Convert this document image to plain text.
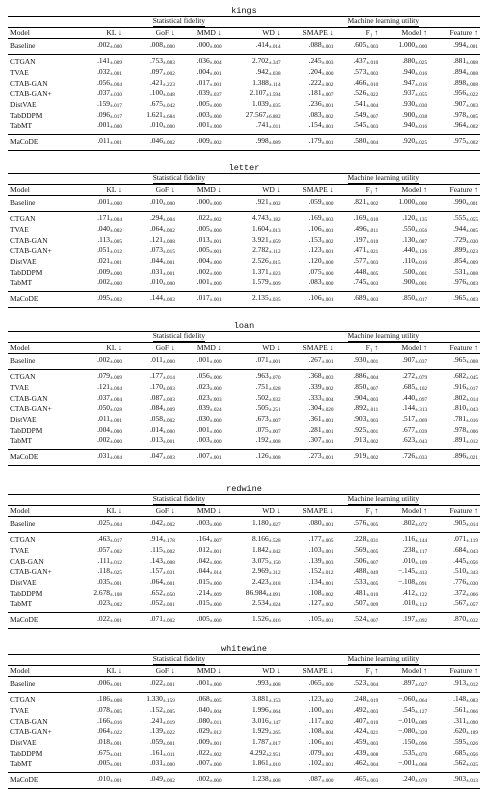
kings
	Statistical fidelity					Machine learning utility			
Model	KL ↓	GoF ↓	MMD ↓	WD ↓		SMAPE ↓	F₁ ↑	Model ↑	Feature ↑
Baseline	.002±.000	.008±.000	.000±.000	.414±.014		.088±.001	.605±.003	1.000±.000	.994±.001
CTGAN	.141±.009	.753±.083	.036±.004	2.702±.347		.245±.003	.437±.010	.880±.025	.881±.008
TVAE	.032±.001	.097±.002	.004±.001	.942±.038		.204±.000	.573±.003	.940±.016	.894±.008
CTAB-GAN	.056±.004	.421±.223	.017±.001	1.388±.114		.222±.002	.466±.010	.947±.016	.898±.008
CTAB-GAN+	.037±.030	.100±.048	.039±.037	2.107±1.594		.181±.007	.526±.022	.937±.055	.956±.022
DistVAE	.159±.017	.675±.042	.005±.000	1.039±.035		.236±.001	.541±.004	.930±.030	.907±.003
TabDDPM	.096±.017	1.621±.684	.003±.000	27.567±6.882		.083±.002	.549±.007	.900±.038	.978±.005
TabMT	.001±.000	.010±.000	.001±.000	.741±.011		.154±.001	.545±.003	.940±.016	.964±.002
MaCoDE	.011±.001	.046±.002	.009±.002	.998±.089		.179±.001	.580±.004	.920±.025	.975±.002
letter
	Statistical fidelity					Machine learning utility			
Model	KL ↓	GoF ↓	MMD ↓	WD ↓		SMAPE ↓	F₁ ↑	Model ↑	Feature ↑
Baseline	.001±.000	.010±.000	.000±.000	.921±.002		.059±.000	.821±.002	1.000±.000	.990±.001
CTGAN	.171±.004	.294±.004	.022±.002	4.743±.182		.169±.003	.169±.010	.120±.135	.555±.055
TVAE	.040±.002	.064±.002	.005±.000	1.604±.013		.106±.001	.496±.011	.550±.056	.944±.005
CTAB-GAN	.113±.005	.121±.008	.013±.001	3.921±.059		.153±.002	.197±.010	.130±.087	.729±.030
CTAB-GAN+	.051±.012	.073±.015	.005±.001	2.782±.112		.123±.001	.471±.021	.440±.126	.899±.023
DistVAE	.021±.001	.044±.001	.004±.000	2.526±.015		.120±.000	.577±.003	.110±.016	.854±.009
TabDDPM	.009±.000	.031±.001	.002±.000	1.371±.023		.075±.000	.448±.005	.500±.001	.531±.008
TabMT	.002±.000	.010±.000	.001±.000	1.579±.009		.083±.000	.745±.003	.900±.001	.976±.003
MaCoDE	.095±.002	.144±.003	.017±.001	2.135±.035		.106±.001	.689±.003	.850±.017	.965±.003
loan
	Statistical fidelity					Machine learning utility			
Model	KL ↓	GoF ↓	MMD ↓	WD ↓		SMAPE ↓	F₁ ↑	Model ↑	Feature ↑
Baseline	.002±.000	.011±.000	.001±.000	.071±.001		.267±.001	.930±.001	.907±.037	.965±.008
CTGAN	.079±.009	.177±.014	.056±.006	.963±.070		.368±.003	.886±.004	.272±.079	.682±.045
TVAE	.121±.004	.170±.003	.023±.000	.751±.028		.339±.002	.850±.007	.685±.102	.916±.017
CTAB-GAN	.037±.004	.087±.003	.023±.003	.502±.032		.333±.004	.904±.003	.440±.097	.802±.014
CTAB-GAN+	.050±.028	.084±.009	.039±.024	.505±.251		.304±.020	.892±.011	.144±.313	.810±.043
DistVAE	.011±.001	.058±.002	.030±.000	.673±.007		.361±.001	.903±.003	.517±.069	.781±.016
TabDDPM	.004±.000	.014±.000	.001±.000	.075±.007		.281±.001	.925±.001	.677±.039	.978±.006
TabMT	.002±.000	.013±.001	.003±.000	.192±.008		.307±.001	.913±.002	.623±.043	.891±.012
MaCoDE	.031±.004	.047±.003	.007±.001	.126±.008		.273±.001	.919±.002	.726±.033	.896±.021
redwine
	Statistical fidelity					Machine learning utility			
Model	KL ↓	GoF ↓	MMD ↓	WD ↓		SMAPE ↓	F₁ ↑	Model ↑	Feature ↑
Baseline	.025±.004	.042±.002	.003±.000	1.180±.027		.080±.001	.576±.005	.802±.072	.905±.014
CTGAN	.463±.017	.914±.178	.164±.007	8.166±.528		.177±.005	.228±.031	.116±.144	.071±.119
TVAE	.057±.002	.115±.002	.012±.001	1.842±.042		.103±.001	.569±.005	.238±.117	.684±.043
CAB-GAN	.111±.012	.143±.008	.042±.006	3.075±.150		.139±.003	.506±.007	.010±.109	.445±.056
CTAB-GAN+	.118±.025	.157±.031	.044±.014	2.969±.312		.152±.012	.488±.049	−.145±.413	.510±.343
DistVAE	.035±.001	.064±.001	.015±.000	2.423±.018		.134±.001	.533±.005	−.108±.091	.776±.030
TabDDPM	2.678±.108	.652±.050	.214±.009	86.984±4.091		.108±.002	.481±.010	.412±.122	.372±.066
TabMT	.023±.002	.052±.001	.015±.000	2.534±.024		.127±.002	.507±.009	.010±.112	.567±.057
MaCoDE	.022±.001	.071±.002	.005±.000	1.526±.016		.105±.001	.524±.007	.197±.092	.870±.032
whitewine
	Statistical fidelity					Machine learning utility			
Model	KL ↓	GoF ↓	MMD ↓	WD ↓		SMAPE ↓	F₁ ↑	Model ↑	Feature ↑
Baseline	.006±.001	.022±.001	.001±.000	.993±.008		.065±.000	.523±.004	.897±.027	.913±.012
CTGAN	.186±.008	1.330±.159	.068±.005	3.881±.153		.123±.002	.248±.019	−.060±.064	.148±.083
TVAE	.078±.005	.152±.005	.040±.004	1.996±.064		.100±.001	.492±.003	.545±.127	.561±.066
CTAB-GAN	.166±.016	.241±.019	.080±.011	3.016±.147		.117±.002	.407±.010	−.010±.089	.311±.090
CTAB-GAN+	.064±.022	.139±.022	.029±.012	1.929±.265		.108±.004	.424±.021	−.080±.320	.620±.189
DistVAE	.018±.001	.059±.001	.009±.001	1.787±.017		.106±.001	.459±.003	.150±.096	.595±.026
TabDDPM	.675±.041	.161±.011	.022±.002	4.292±2.951		.079±.001	.439±.008	.535±.070	.685±.056
TabMT	.005±.001	.031±.000	.007±.000	1.861±.010		.102±.001	.462±.004	−.001±.068	.562±.035
MaCoDE	.010±.001	.049±.002	.002±.000	1.238±.008		.087±.000	.465±.003	.240±.070	.903±.013
